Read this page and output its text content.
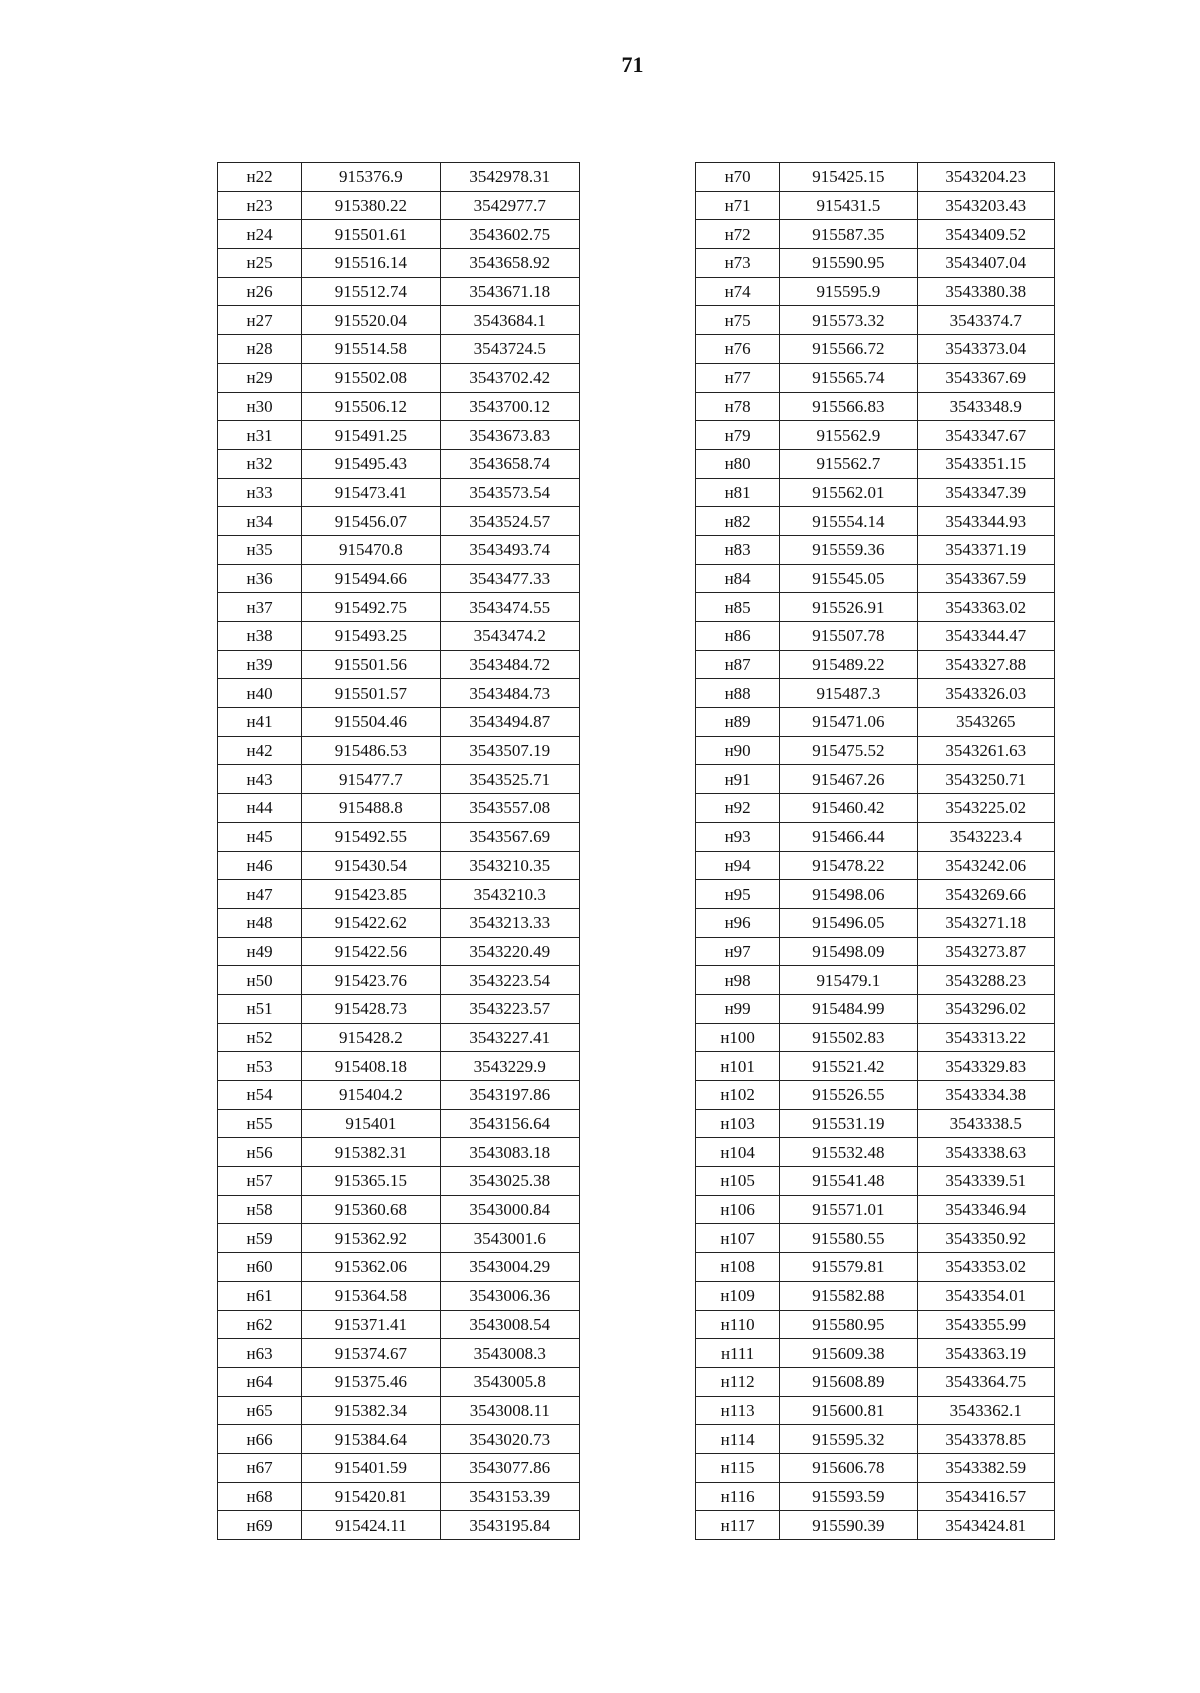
71
н22	915376.9	3542978.31
н23	915380.22	3542977.7
н24	915501.61	3543602.75
н25	915516.14	3543658.92
н26	915512.74	3543671.18
н27	915520.04	3543684.1
н28	915514.58	3543724.5
н29	915502.08	3543702.42
н30	915506.12	3543700.12
н31	915491.25	3543673.83
н32	915495.43	3543658.74
н33	915473.41	3543573.54
н34	915456.07	3543524.57
н35	915470.8	3543493.74
н36	915494.66	3543477.33
н37	915492.75	3543474.55
н38	915493.25	3543474.2
н39	915501.56	3543484.72
н40	915501.57	3543484.73
н41	915504.46	3543494.87
н42	915486.53	3543507.19
н43	915477.7	3543525.71
н44	915488.8	3543557.08
н45	915492.55	3543567.69
н46	915430.54	3543210.35
н47	915423.85	3543210.3
н48	915422.62	3543213.33
н49	915422.56	3543220.49
н50	915423.76	3543223.54
н51	915428.73	3543223.57
н52	915428.2	3543227.41
н53	915408.18	3543229.9
н54	915404.2	3543197.86
н55	915401	3543156.64
н56	915382.31	3543083.18
н57	915365.15	3543025.38
н58	915360.68	3543000.84
н59	915362.92	3543001.6
н60	915362.06	3543004.29
н61	915364.58	3543006.36
н62	915371.41	3543008.54
н63	915374.67	3543008.3
н64	915375.46	3543005.8
н65	915382.34	3543008.11
н66	915384.64	3543020.73
н67	915401.59	3543077.86
н68	915420.81	3543153.39
н69	915424.11	3543195.84
н70	915425.15	3543204.23
н71	915431.5	3543203.43
н72	915587.35	3543409.52
н73	915590.95	3543407.04
н74	915595.9	3543380.38
н75	915573.32	3543374.7
н76	915566.72	3543373.04
н77	915565.74	3543367.69
н78	915566.83	3543348.9
н79	915562.9	3543347.67
н80	915562.7	3543351.15
н81	915562.01	3543347.39
н82	915554.14	3543344.93
н83	915559.36	3543371.19
н84	915545.05	3543367.59
н85	915526.91	3543363.02
н86	915507.78	3543344.47
н87	915489.22	3543327.88
н88	915487.3	3543326.03
н89	915471.06	3543265
н90	915475.52	3543261.63
н91	915467.26	3543250.71
н92	915460.42	3543225.02
н93	915466.44	3543223.4
н94	915478.22	3543242.06
н95	915498.06	3543269.66
н96	915496.05	3543271.18
н97	915498.09	3543273.87
н98	915479.1	3543288.23
н99	915484.99	3543296.02
н100	915502.83	3543313.22
н101	915521.42	3543329.83
н102	915526.55	3543334.38
н103	915531.19	3543338.5
н104	915532.48	3543338.63
н105	915541.48	3543339.51
н106	915571.01	3543346.94
н107	915580.55	3543350.92
н108	915579.81	3543353.02
н109	915582.88	3543354.01
н110	915580.95	3543355.99
н111	915609.38	3543363.19
н112	915608.89	3543364.75
н113	915600.81	3543362.1
н114	915595.32	3543378.85
н115	915606.78	3543382.59
н116	915593.59	3543416.57
н117	915590.39	3543424.81
